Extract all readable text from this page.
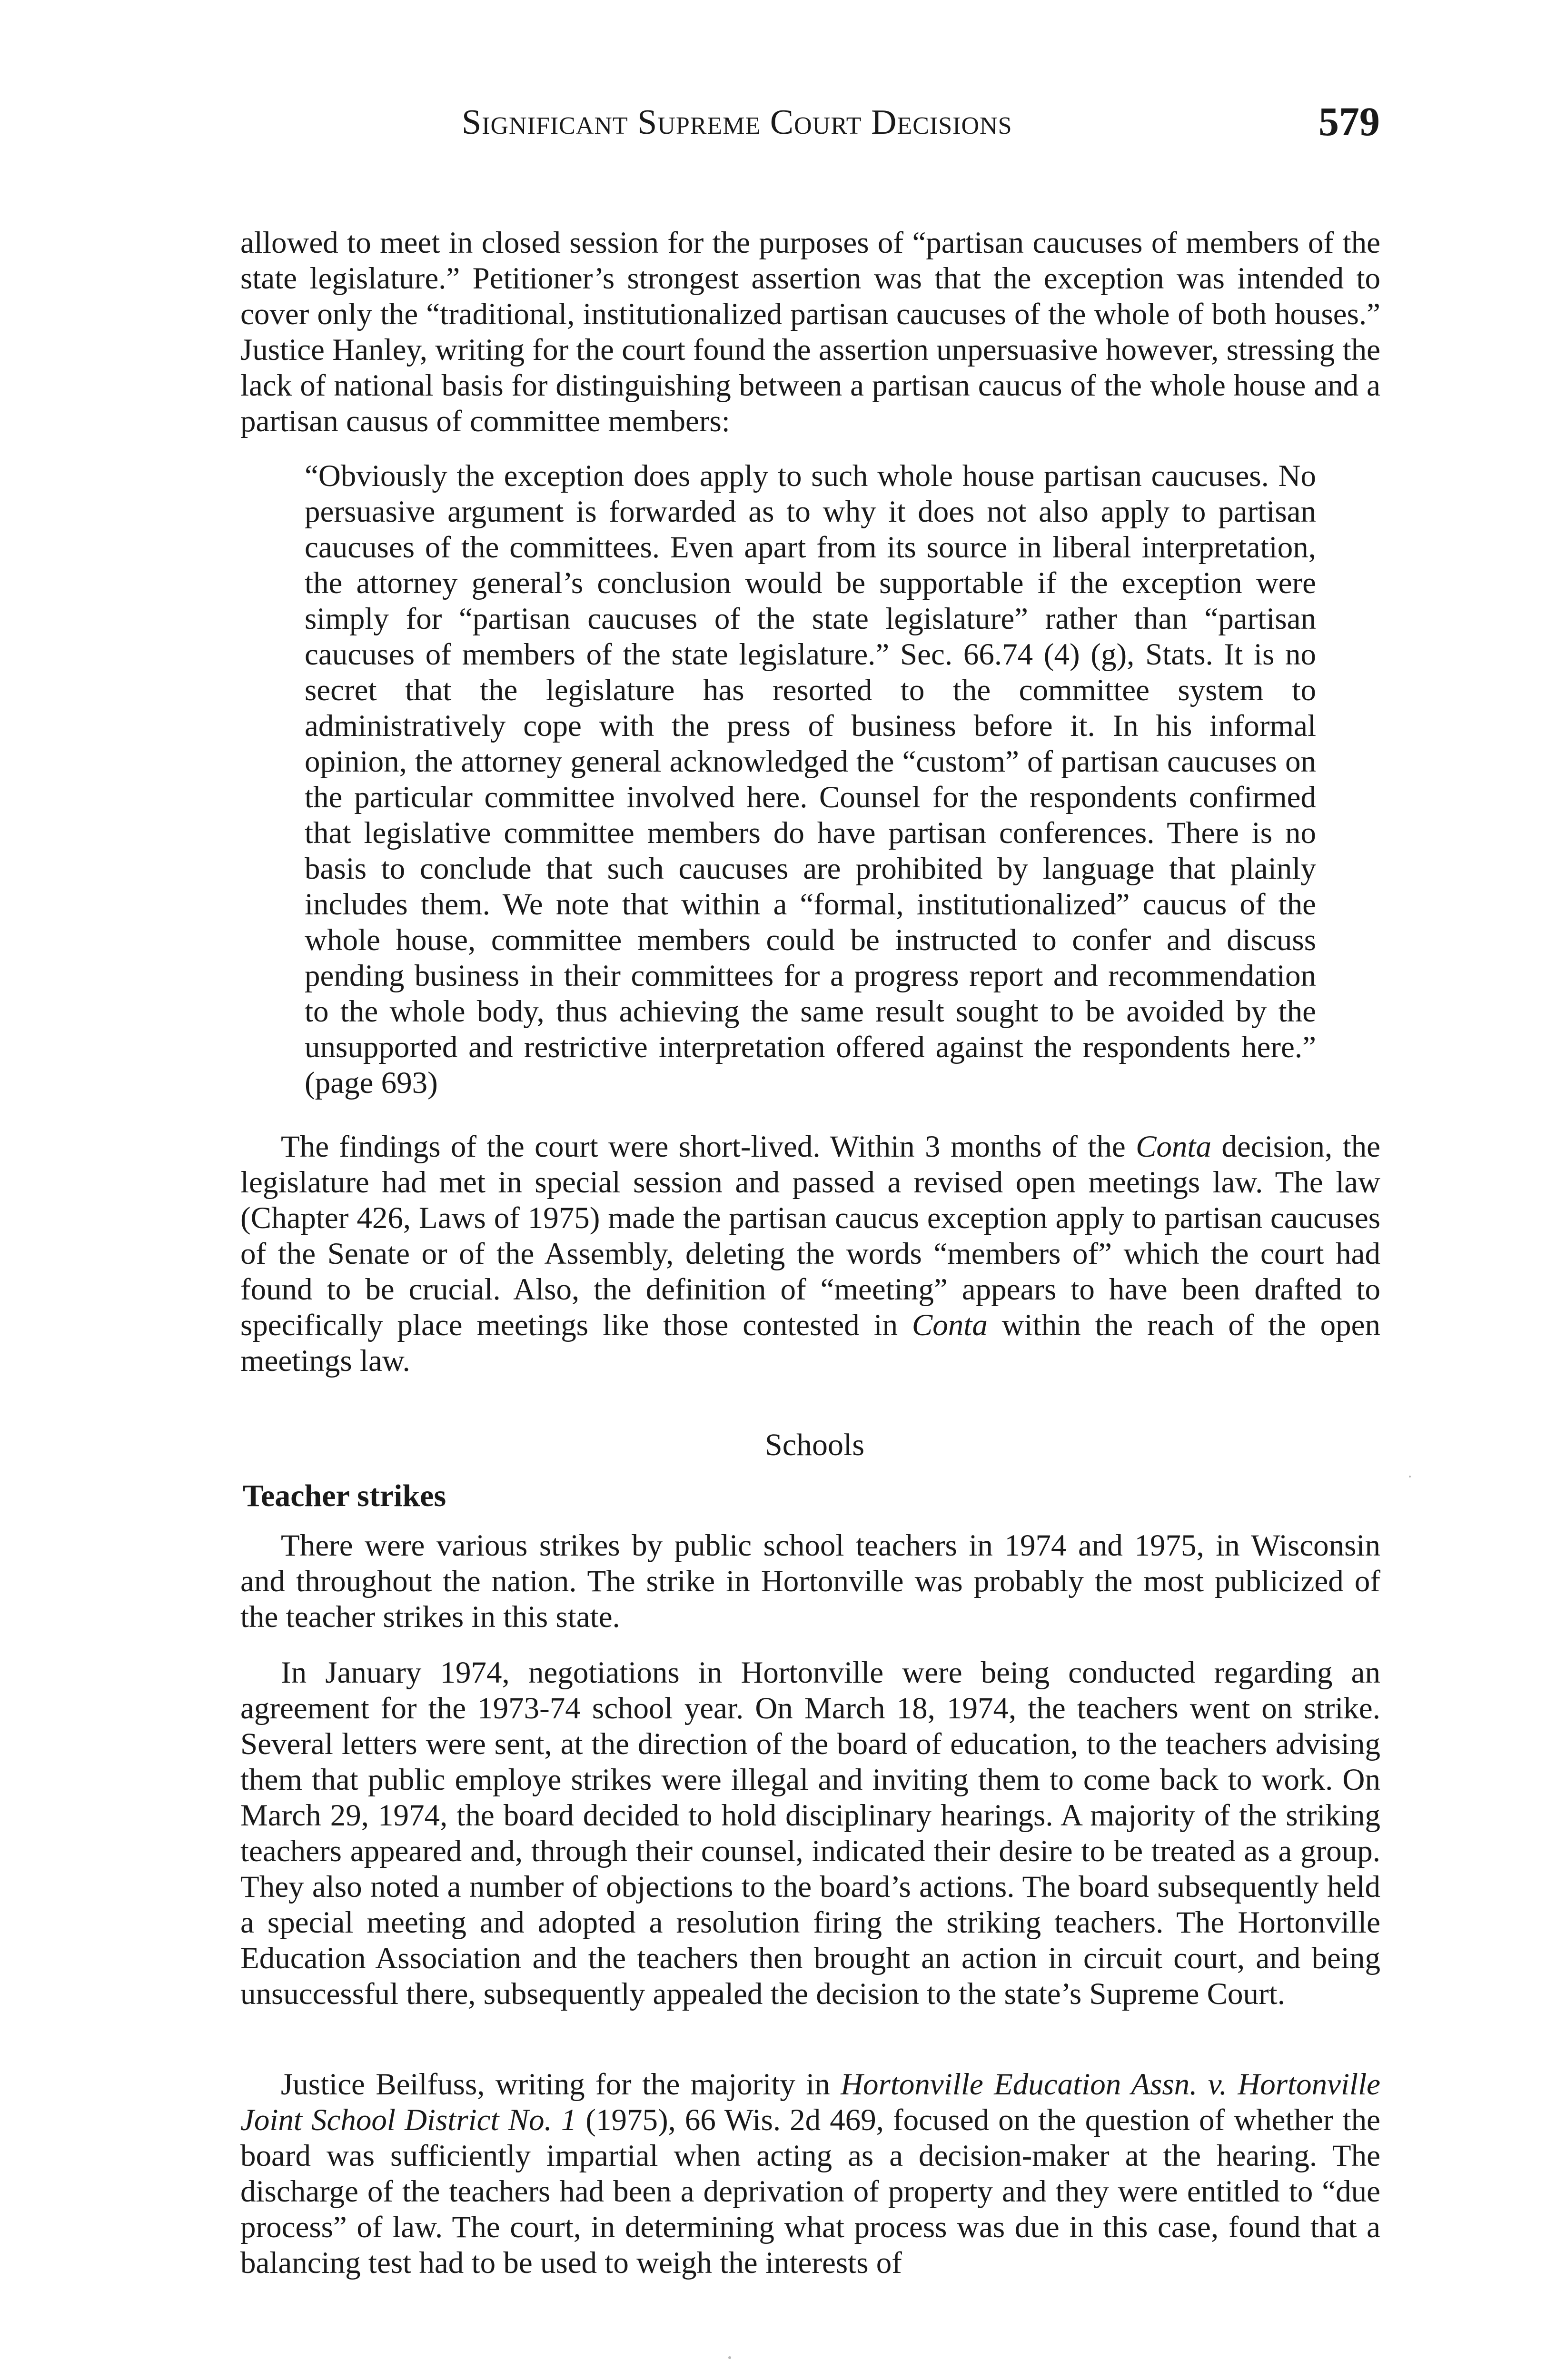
Significant Supreme Court Decisions	579

allowed to meet in closed session for the purposes of “partisan caucuses of members of the state legislature.” Petitioner’s strongest assertion was that the exception was intended to cover only the “traditional, institutionalized partisan caucuses of the whole of both houses.” Justice Hanley, writing for the court found the assertion unpersuasive however, stressing the lack of national basis for distinguishing between a partisan caucus of the whole house and a partisan causus of committee members:

“Obviously the exception does apply to such whole house partisan caucuses. No persuasive argument is forwarded as to why it does not also apply to partisan caucuses of the committees. Even apart from its source in liberal interpretation, the attorney general’s conclusion would be supportable if the exception were simply for “partisan caucuses of the state legislature” rather than “partisan caucuses of members of the state legislature.” Sec. 66.74 (4) (g), Stats. It is no secret that the legislature has resorted to the committee system to administratively cope with the press of business before it. In his informal opinion, the attorney general acknowledged the “custom” of partisan caucuses on the particular committee involved here. Counsel for the respondents confirmed that legislative committee members do have partisan conferences. There is no basis to conclude that such caucuses are prohibited by language that plainly includes them. We note that within a “formal, institutionalized” caucus of the whole house, committee members could be instructed to confer and discuss pending business in their committees for a progress report and recommendation to the whole body, thus achieving the same result sought to be avoided by the unsupported and restrictive interpretation offered against the respondents here.” (page 693)

The findings of the court were short-lived. Within 3 months of the Conta decision, the legislature had met in special session and passed a revised open meetings law. The law (Chapter 426, Laws of 1975) made the partisan caucus exception apply to partisan caucuses of the Senate or of the Assembly, deleting the words “members of” which the court had found to be crucial. Also, the definition of “meeting” appears to have been drafted to specifically place meetings like those contested in Conta within the reach of the open meetings law.

Schools
Teacher strikes

There were various strikes by public school teachers in 1974 and 1975, in Wisconsin and throughout the nation. The strike in Hortonville was probably the most publicized of the teacher strikes in this state.

In January 1974, negotiations in Hortonville were being conducted regarding an agreement for the 1973-74 school year. On March 18, 1974, the teachers went on strike. Several letters were sent, at the direction of the board of education, to the teachers advising them that public employe strikes were illegal and inviting them to come back to work. On March 29, 1974, the board decided to hold disciplinary hearings. A majority of the striking teachers appeared and, through their counsel, indicated their desire to be treated as a group. They also noted a number of objections to the board’s actions. The board subsequently held a special meeting and adopted a resolution firing the striking teachers. The Hortonville Education Association and the teachers then brought an action in circuit court, and being unsuccessful there, subsequently appealed the decision to the state’s Supreme Court.

Justice Beilfuss, writing for the majority in Hortonville Education Assn. v. Hortonville Joint School District No. 1 (1975), 66 Wis. 2d 469, focused on the question of whether the board was sufficiently impartial when acting as a decision-maker at the hearing. The discharge of the teachers had been a deprivation of property and they were entitled to “due process” of law. The court, in determining what process was due in this case, found that a balancing test had to be used to weigh the interests of
